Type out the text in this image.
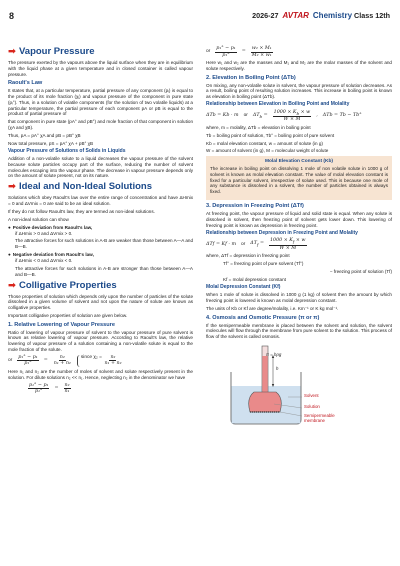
8	2026-27 AVTAR Chemistry Class 12th
➡ Vapour Pressure

The pressure exerted by the vapours above the liquid surface when they are in equilibrium with the liquid phase at a given temperature and in closed container is called vapour pressure.

Raoult's Law

It states that, at a particular temperature, partial pressure of any component (pᵢ) is equal to the product of its mole fraction (χᵢ) and vapour pressure of the component in pure state (pᵢ°). Thus, in a solution of volatile components (for the solution of two volatile liquids) at a particular temperature, the partial pressure of each component pA or pB is equal to the product of partial pressure of

that component in pure state (pA° and pB°) and mole fraction of that component in solution (χA and χB).

Thus, pA = pA° χA and pB = pB° χB

Now total pressure, pS = pA° χA + pB° χB

Vapour Pressure of Solutions of Solids in Liquids

Addition of a non-volatile solute to a liquid decreases the vapour pressure of the solvent because solute particles occupy part of the surface, reducing the number of solvent molecules escaping into the vapour phase. The decrease in vapour pressure depends only on the amount of solute present, not on its nature.

➡ Ideal and Non-Ideal Solutions

Solutions which obey Raoult's law over the entire range of concentration and have ΔHmix = 0 and ΔVmix = 0 are said to be an ideal solution.

If they do not follow Raoult's law, they are termed as non-ideal solutions.

A non-ideal solution can show

● Positive deviation from Raoult's law,

if ΔHmix > 0 and ΔVmix > 0.

The attractive forces for such solutions in A-B are weaker than those between A—A and B—B.

● Negative deviation from Raoult's law,

if ΔHmix < 0 and ΔVmix < 0.

The attractive forces for such solutions in A-B are stronger than those between A—A and B—B.

➡ Colligative Properties

Those properties of solution which depends only upon the number of particles of the solute dissolved in a given volume of solvent and not upon the nature of solute are known as colligative properties.

Important colligative properties of solution are given below.

1. Relative Lowering of Vapour Pressure

Ratio of lowering of vapour pressure of solvent to the vapour pressure of pure solvent is known as relative lowering of vapour pressure. According to Raoult's law, the relative lowering of vapour pressure of a solution containing a non-volatile solute is equal to the mole fraction of the solute.

or $\frac{\text{p₁° − p₁}}{\text{p₁°}} = \frac{\text{n₂}}{\text{n₁ + n₂}}$	since $\chi_2 = \frac{\text{n₂}}{\text{n₁ + n₂}}$

Here n₁ and n₂ are the number of moles of solvent and solute respectively present in the solution. For dilute solutions n₂ << n₁. Hence, neglecting n₂ in the denominator we have

$\frac{\text{p₁° − p₁}}{\text{p₁°}} = \frac{\text{n₂}}{\text{n₁}}$
or $\frac{\text{p₁° − p₁}}{\text{p₁°}} = \frac{\text{w₂ × M₁}}{\text{M₂ × w₁}}$

Here w₁ and w₂ are the masses and M₁ and M₂ are the molar masses of the solvent and solute respectively.

2. Elevation in Boiling Point (ΔTb)

On mixing, any non-volatile solute in solvent, the vapour pressure of solution decreases. As a result, boiling point of resulting solution increases. This increase in boiling point is known as elevation in boiling point (ΔTb).

Relationship between Elevation in Boiling Point and Molality
ΔTb = Kb · m or $\Delta T_b = \frac{1000 \times K_b \times w}{W \times M}$ , ΔTb = Tb − Tb°

where, m = molality, ΔTb = elevation in boiling point

Tb = boiling point of solution, Tb° = boiling point of pure solvent

Kb = molal elevation constant, w = amount of solute (in g)

W = amount of solvent (in g), M = molecular weight of solute

Molal Elevation Constant (Kb)

The increase in boiling point on dissolving 1 mole of non volatile solute in 1000 g of solvent is known as molal elevation constant. The value of molal elevation constant is fixed for a particular solvent, irrespective of solute used. This is because one mole of any substance is dissolved in a solvent, the number of particles obtained is always fixed.

3. Depression in Freezing Point (ΔTf)

At freezing point, the vapour pressure of liquid and solid state is equal. When any solute is dissolved in solvent, then freezing point of solvent gets lower down. This lowering of freezing point is known as depression in freezing point.

Relationship between Depression in Freezing Point and Molality
ΔTf = Kf · m or $\Delta T_f = \frac{1000 \times K_f \times w}{W \times M}$

where, ΔTf = depression in freezing point

Tf° = freezing point of pure solvent (Tf°)

− freezing point of solution (Tf)

Kf = molal depression constant

Molal Depression Constant (Kf)

When 1 mole of solute is dissolved in 1000 g (1 kg) of solvent then the amount by which freezing point is lowered is known as molal depression constant.

The units of Kb or Kf are degree/molality, i.e. Km⁻¹ or K kg mol⁻¹.

4. Osmosis and Osmotic Pressure (π or π)

If the semipermeable membrane is placed between the solvent and solution, the solvent molecules will flow through the membrane from pure solvent to the solution. This process of flow of the solvent is called osmosis.

π = hρg
h
Solvent
Solution
Semipermeable membrane
